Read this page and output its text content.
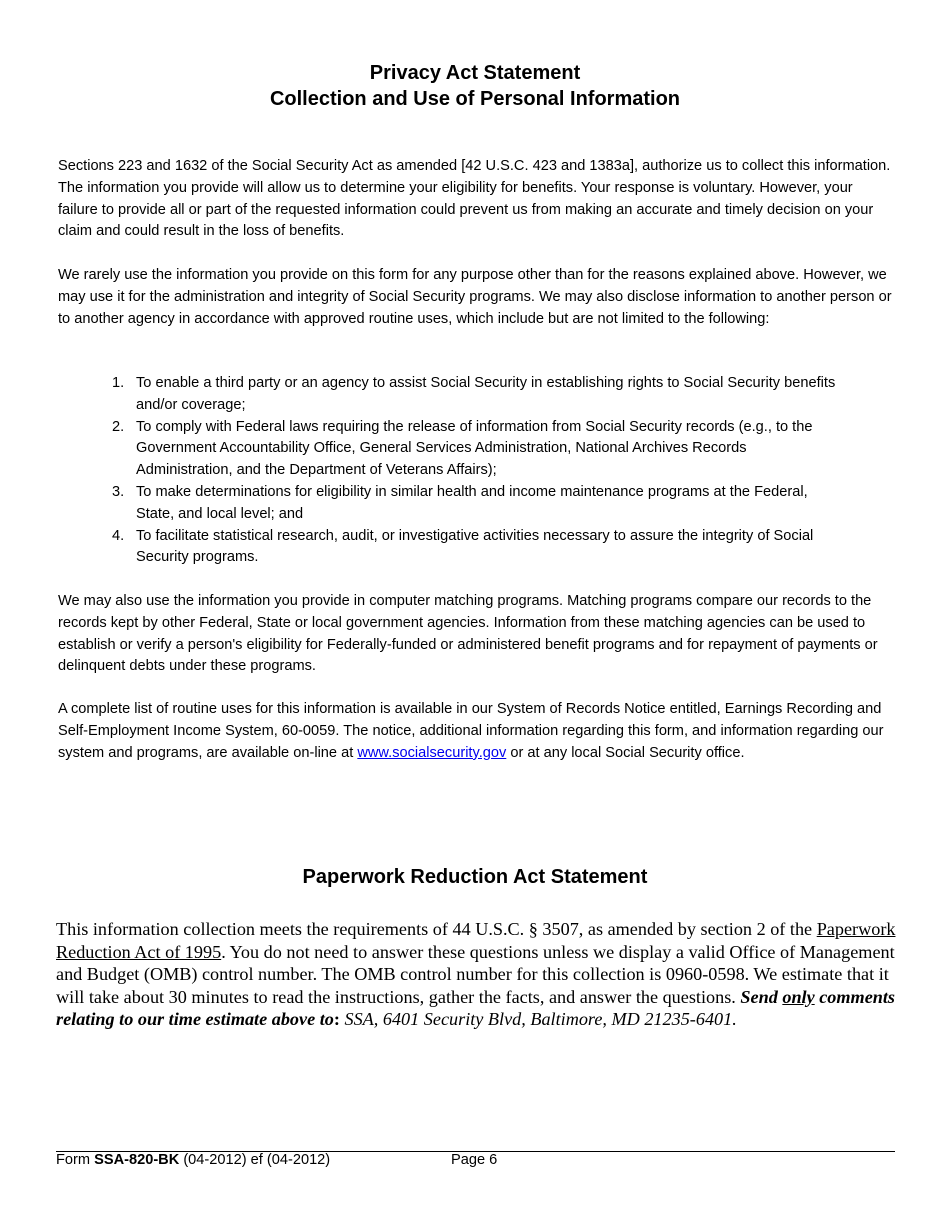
Privacy Act Statement
Collection and Use of Personal Information

Sections 223 and 1632 of the Social Security Act as amended [42 U.S.C. 423 and 1383a], authorize us to collect this information. The information you provide will allow us to determine your eligibility for benefits. Your response is voluntary. However, your failure to provide all or part of the requested information could prevent us from making an accurate and timely decision on your claim and could result in the loss of benefits.

We rarely use the information you provide on this form for any purpose other than for the reasons explained above. However, we may use it for the administration and integrity of Social Security programs. We may also disclose information to another person or to another agency in accordance with approved routine uses, which include but are not limited to the following:

1. To enable a third party or an agency to assist Social Security in establishing rights to Social Security benefits and/or coverage;
2. To comply with Federal laws requiring the release of information from Social Security records (e.g., to the Government Accountability Office, General Services Administration, National Archives Records Administration, and the Department of Veterans Affairs);
3. To make determinations for eligibility in similar health and income maintenance programs at the Federal, State, and local level; and
4. To facilitate statistical research, audit, or investigative activities necessary to assure the integrity of Social Security programs.

We may also use the information you provide in computer matching programs. Matching programs compare our records to the records kept by other Federal, State or local government agencies. Information from these matching agencies can be used to establish or verify a person's eligibility for Federally-funded or administered benefit programs and for repayment of payments or delinquent debts under these programs.

A complete list of routine uses for this information is available in our System of Records Notice entitled, Earnings Recording and Self-Employment Income System, 60-0059. The notice, additional information regarding this form, and information regarding our system and programs, are available on-line at www.socialsecurity.gov or at any local Social Security office.

Paperwork Reduction Act Statement

This information collection meets the requirements of 44 U.S.C. § 3507, as amended by section 2 of the Paperwork Reduction Act of 1995. You do not need to answer these questions unless we display a valid Office of Management and Budget (OMB) control number. The OMB control number for this collection is 0960-0598. We estimate that it will take about 30 minutes to read the instructions, gather the facts, and answer the questions. Send only comments relating to our time estimate above to: SSA, 6401 Security Blvd, Baltimore, MD 21235-6401.

Form SSA-820-BK (04-2012) ef (04-2012)	Page 6
